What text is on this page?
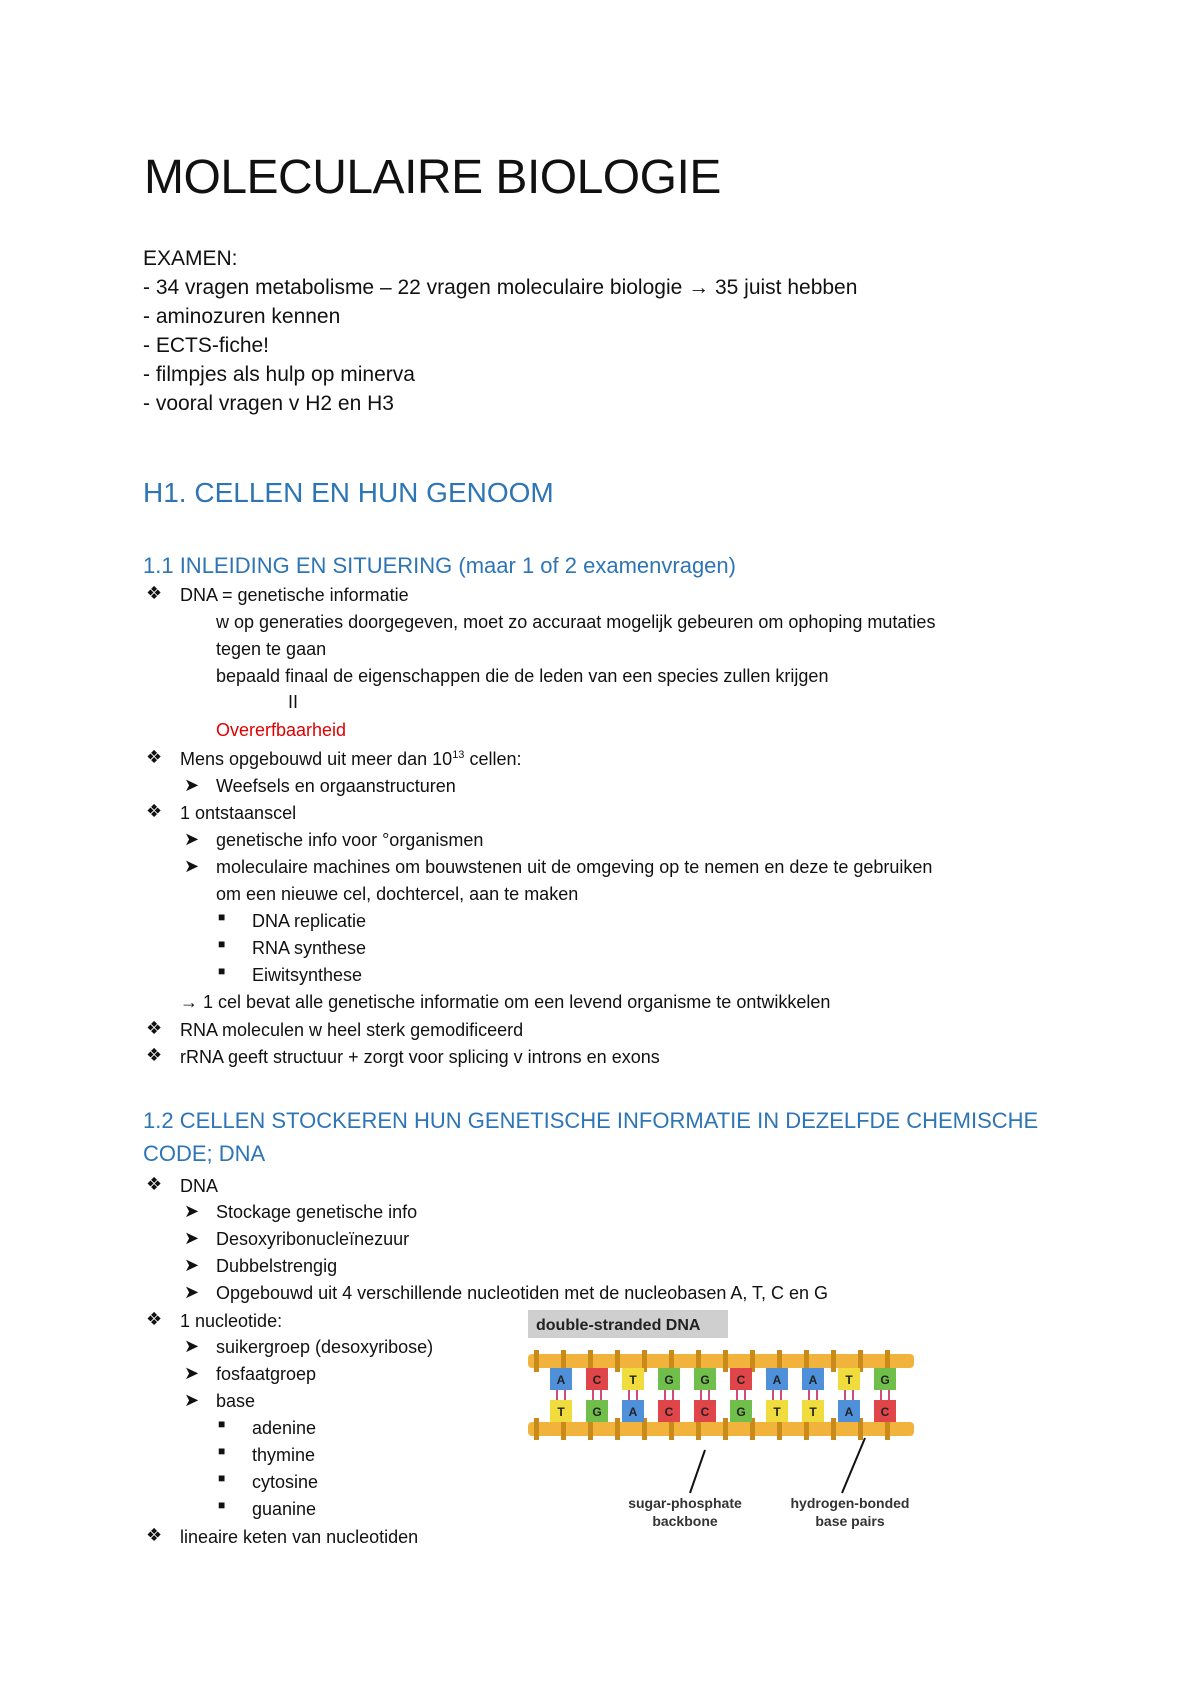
MOLECULAIRE BIOLOGIE
EXAMEN:
- 34 vragen metabolisme – 22 vragen moleculaire biologie → 35 juist hebben
- aminozuren kennen
- ECTS-fiche!
- filmpjes als hulp op minerva
- vooral vragen v H2 en H3
H1. CELLEN EN HUN GENOOM
1.1 INLEIDING EN SITUERING (maar 1 of 2 examenvragen)
❖ DNA = genetische informatie
w op generaties doorgegeven, moet zo accuraat mogelijk gebeuren om ophoping mutaties
tegen te gaan
bepaald finaal de eigenschappen die de leden van een species zullen krijgen
II
Overerfbaarheid
❖ Mens opgebouwd uit meer dan $10^{13}$ cellen:
➤ Weefsels en orgaanstructuren
❖ 1 ontstaanscel
➤ genetische info voor °organismen
➤ moleculaire machines om bouwstenen uit de omgeving op te nemen en deze te gebruiken
om een nieuwe cel, dochtercel, aan te maken
■ DNA replicatie
■ RNA synthese
■ Eiwitsynthese
→ 1 cel bevat alle genetische informatie om een levend organisme te ontwikkelen
❖ RNA moleculen w heel sterk gemodificeerd
❖ rRNA geeft structuur + zorgt voor splicing v introns en exons
1.2 CELLEN STOCKEREN HUN GENETISCHE INFORMATIE IN DEZELFDE CHEMISCHE
CODE; DNA
❖ DNA
➤ Stockage genetische info
➤ Desoxyribonucleïnezuur
➤ Dubbelstrengig
➤ Opgebouwd uit 4 verschillende nucleotiden met de nucleobasen A, T, C en G
❖ 1 nucleotide:
➤ suikergroep (desoxyribose)
➤ fosfaatgroep
➤ base
■ adenine
■ thymine
■ cytosine
■ guanine
❖ lineaire keten van nucleotiden
double-stranded DNA
A
T
C
G
T
A
G
C
G
C
C
G
A
T
A
T
T
A
G
C
sugar-phosphate
backbone
hydrogen-bonded
base pairs
